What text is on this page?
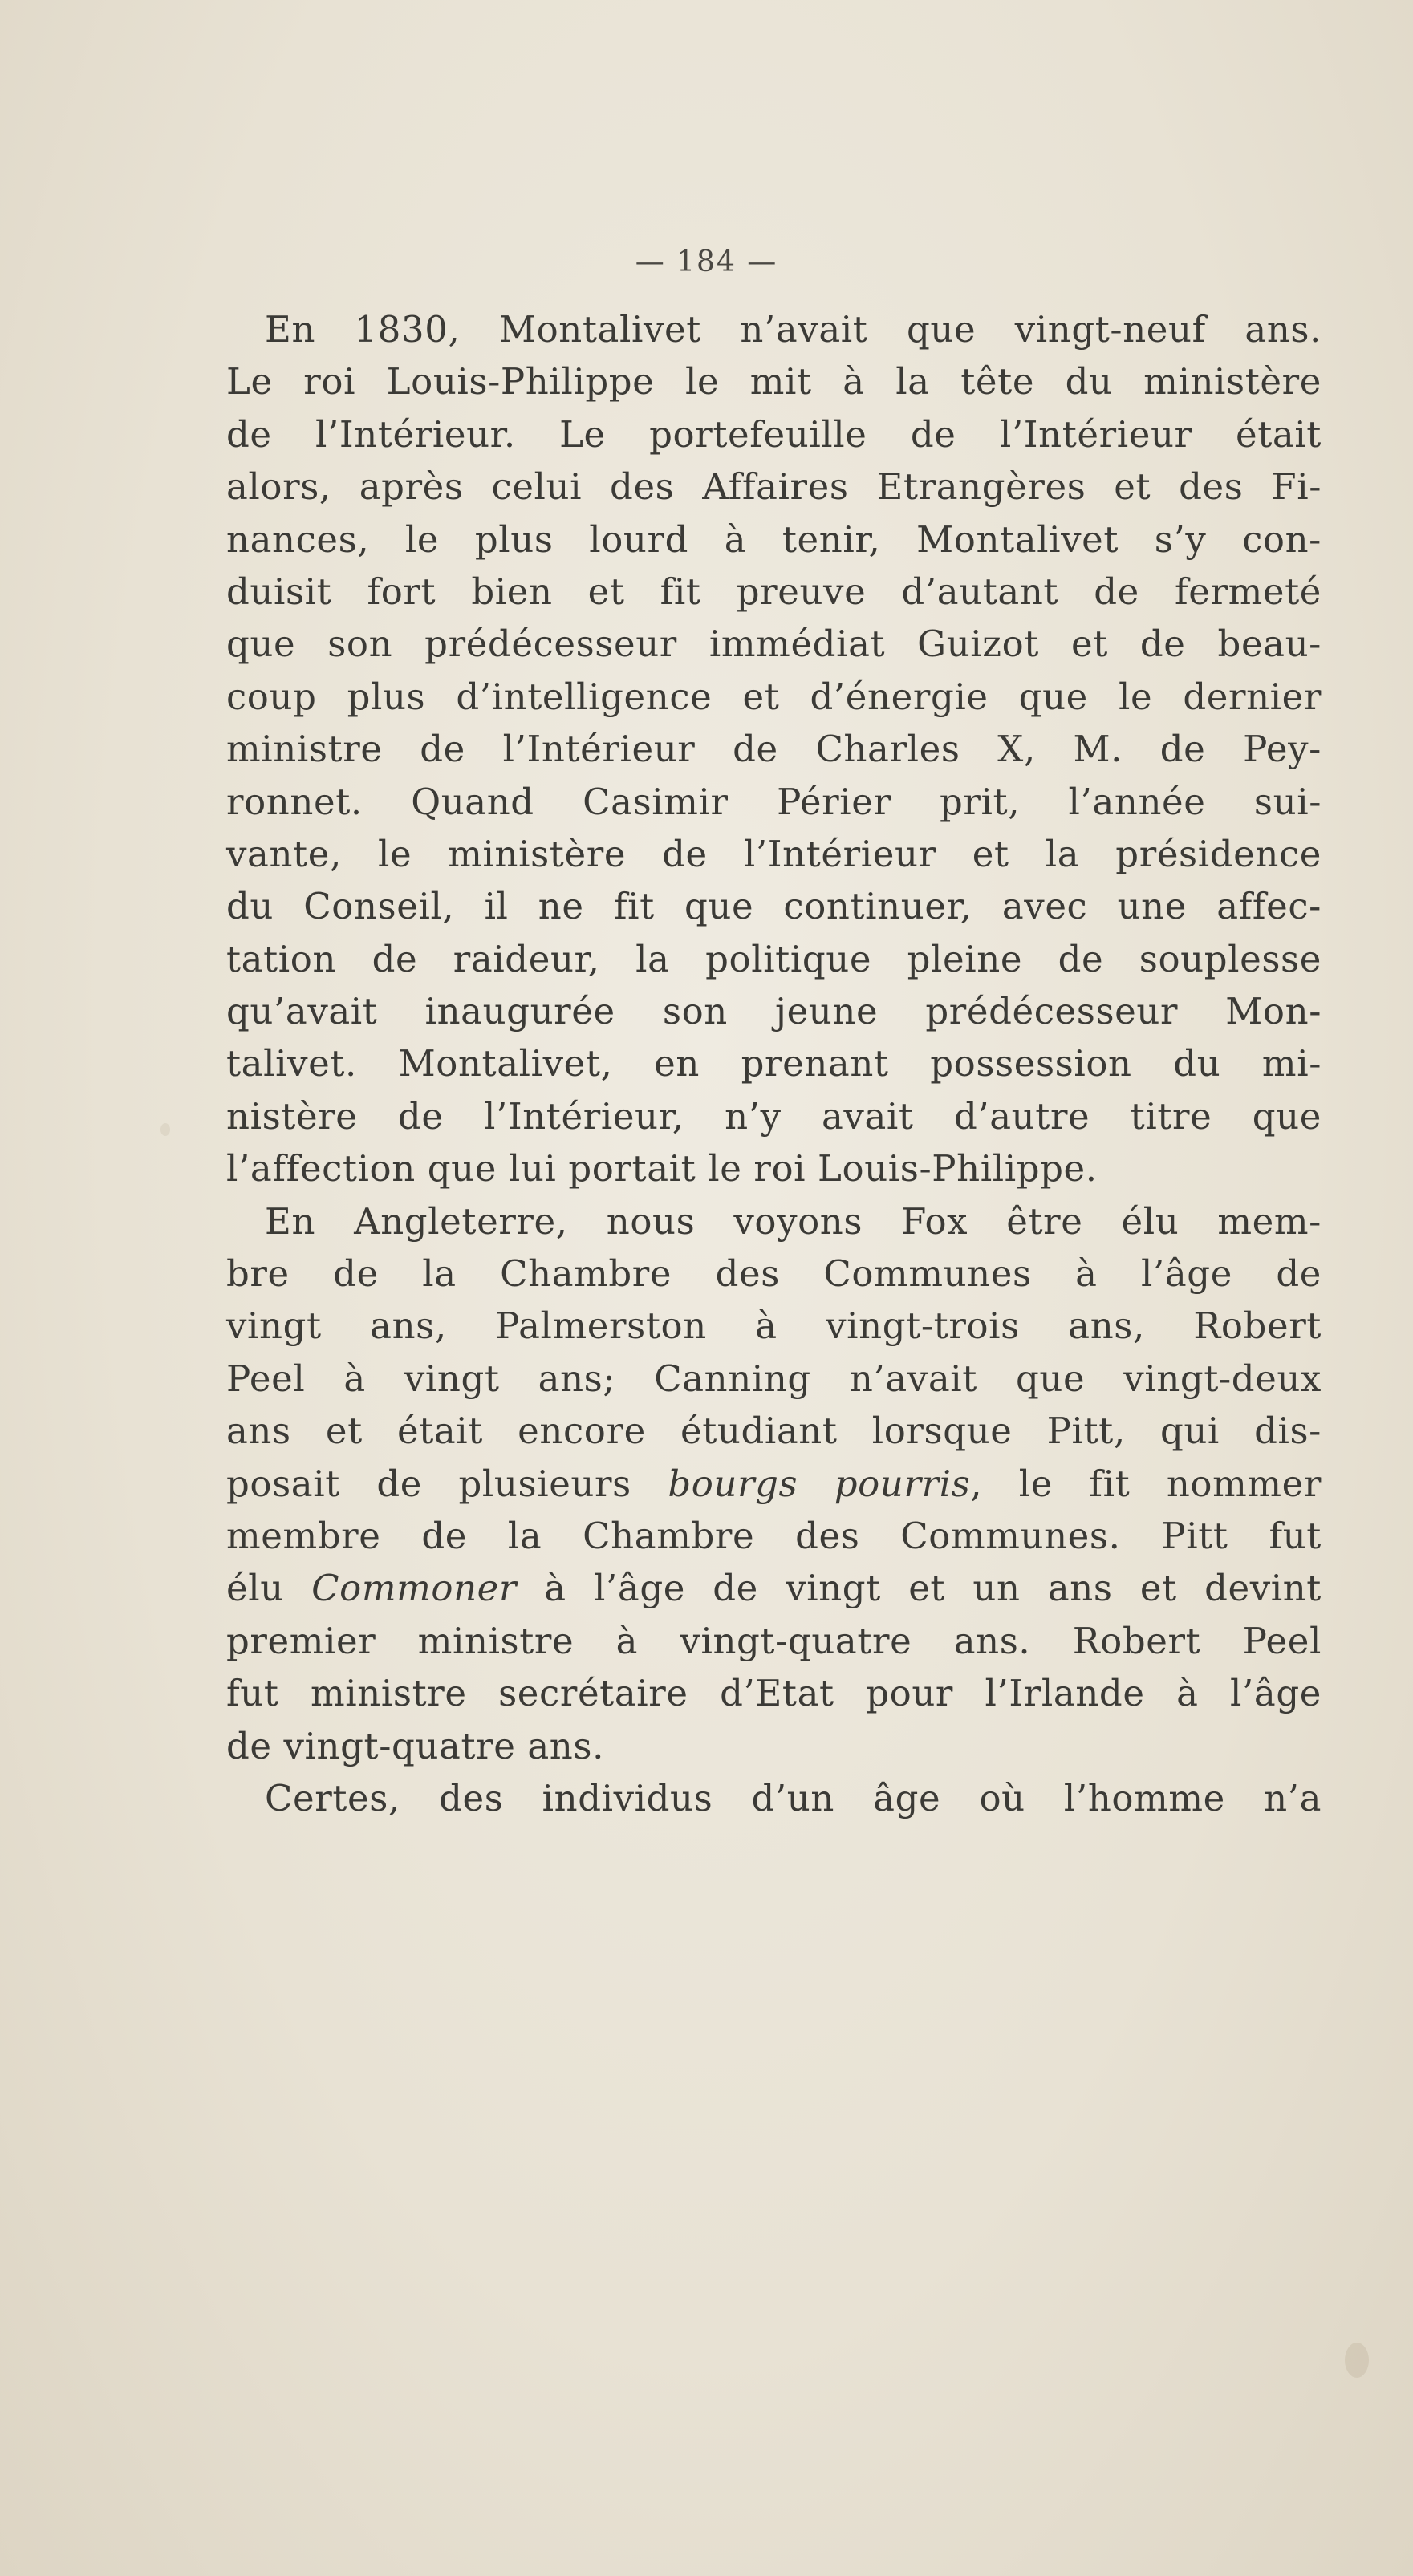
— 184 —
En 1830, Montalivet n’avait que vingt-neuf ans.
Le roi Louis-Philippe le mit à la tête du ministère
de l’Intérieur. Le portefeuille de l’Intérieur était
alors, après celui des Affaires Etrangères et des Fi-
nances, le plus lourd à tenir, Montalivet s’y con-
duisit fort bien et fit preuve d’autant de fermeté
que son prédécesseur immédiat Guizot et de beau-
coup plus d’intelligence et d’énergie que le dernier
ministre de l’Intérieur de Charles X, M. de Pey-
ronnet. Quand Casimir Périer prit, l’année sui-
vante, le ministère de l’Intérieur et la présidence
du Conseil, il ne fit que continuer, avec une affec-
tation de raideur, la politique pleine de souplesse
qu’avait inaugurée son jeune prédécesseur Mon-
talivet. Montalivet, en prenant possession du mi-
nistère de l’Intérieur, n’y avait d’autre titre que
l’affection que lui portait le roi Louis-Philippe.
En Angleterre, nous voyons Fox être élu mem-
bre de la Chambre des Communes à l’âge de
vingt ans, Palmerston à vingt-trois ans, Robert
Peel à vingt ans; Canning n’avait que vingt-deux
ans et était encore étudiant lorsque Pitt, qui dis-
posait de plusieurs bourgs pourris, le fit nommer
membre de la Chambre des Communes. Pitt fut
élu Commoner à l’âge de vingt et un ans et devint
premier ministre à vingt-quatre ans. Robert Peel
fut ministre secrétaire d’Etat pour l’Irlande à l’âge
de vingt-quatre ans.
Certes, des individus d’un âge où l’homme n’a
